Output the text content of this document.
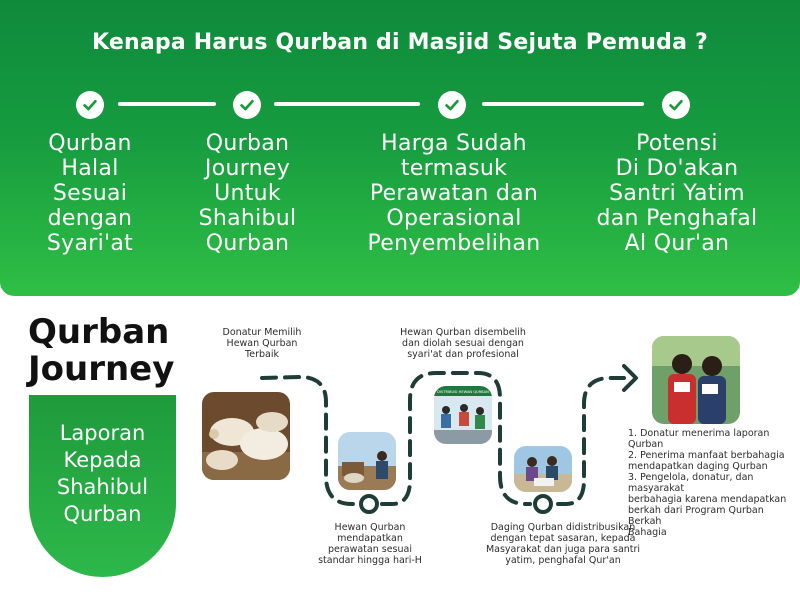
Kenapa Harus Qurban di Masjid Sejuta Pemuda ?
Qurban
Halal
Sesuai
dengan
Syari'at
Qurban
Journey
Untuk
Shahibul
Qurban
Harga Sudah
termasuk
Perawatan dan
Operasional
Penyembelihan
Potensi
Di Do'akan
Santri Yatim
dan Penghafal
Al Qur'an
Qurban
Journey
Laporan
Kepada
Shahibul
Qurban
DISTRIBUSI HEWAN QURBAN
Donatur Memilih
Hewan Qurban
Terbaik
Hewan Qurban
mendapatkan
perawatan sesuai
standar hingga hari-H
Hewan Qurban disembelih
dan diolah sesuai dengan
syari'at dan profesional
Daging Qurban didistribusikan
dengan tepat sasaran, kepada
Masyarakat dan juga para santri
yatim, penghafal Qur'an
1. Donatur menerima laporan Qurban
2. Penerima manfaat berbahagia
mendapatkan daging Qurban
3. Pengelola, donatur, dan masyarakat
berbahagia karena mendapatkan
berkah dari Program Qurban Berkah
Bahagia
